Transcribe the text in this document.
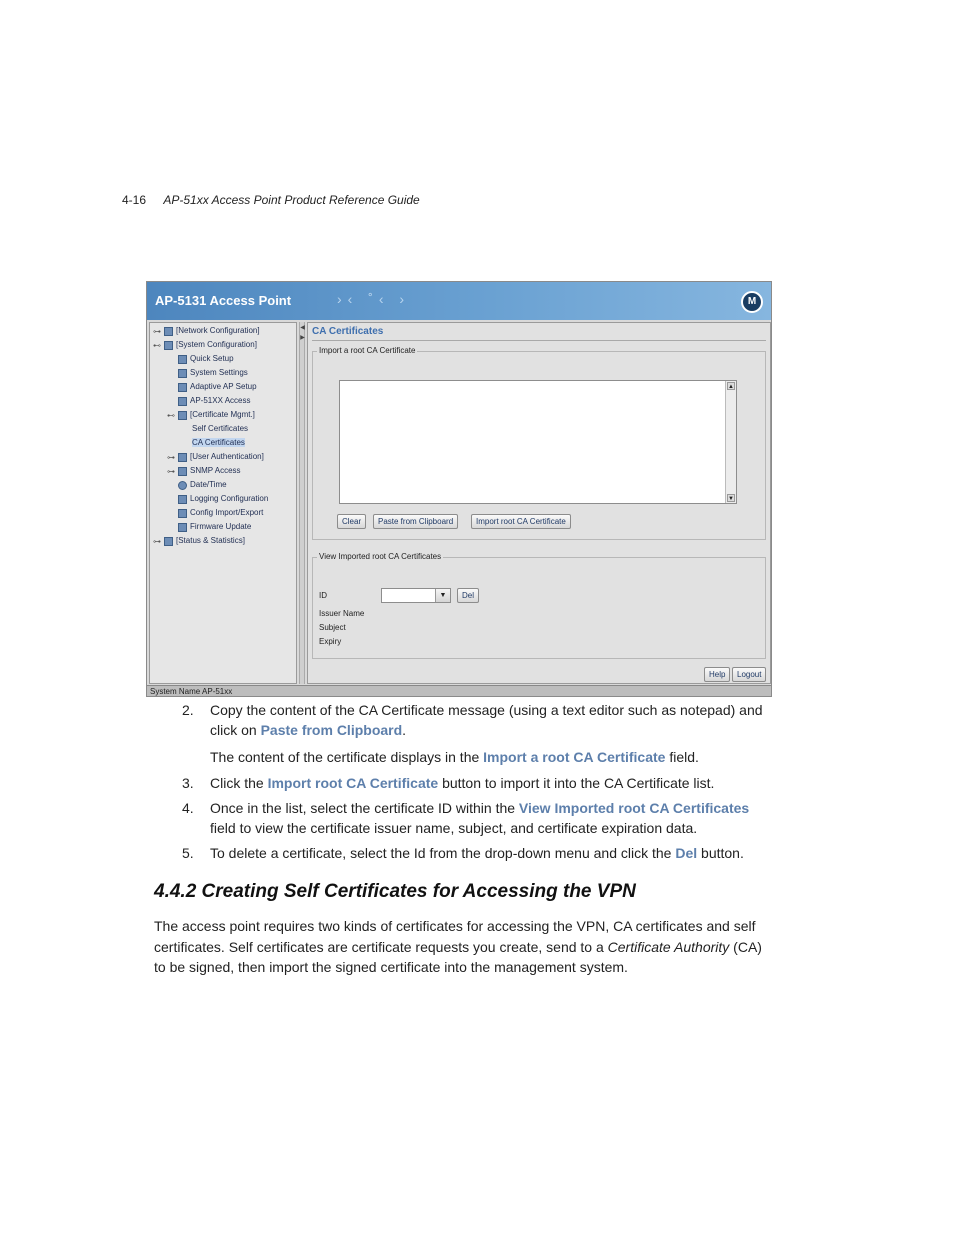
4-16 AP-51xx Access Point Product Reference Guide
AP-5131 Access Point	›‹ ˚‹ ›	M
⊶ [Network Configuration]
⊷ [System Configuration]
Quick Setup
System Settings
Adaptive AP Setup
AP-51XX Access
⊷ [Certificate Mgmt.]
Self Certificates
CA Certificates
⊶ [User Authentication]
⊶ SNMP Access
Date/Time
Logging Configuration
Config Import/Export
Firmware Update
⊶ [Status & Statistics]
◀
▶
CA Certificates
Import a root CA Certificate
▲
▼
Clear	Paste from Clipboard	Import root CA Certificate
View Imported root CA Certificates
ID	▼	Del
Issuer Name
Subject
Expiry
Help	Logout
System Name AP-51xx
2. Copy the content of the CA Certificate message (using a text editor such as notepad) and click on Paste from Clipboard.
The content of the certificate displays in the Import a root CA Certificate field.
3. Click the Import root CA Certificate button to import it into the CA Certificate list.
4. Once in the list, select the certificate ID within the View Imported root CA Certificates field to view the certificate issuer name, subject, and certificate expiration data.
5. To delete a certificate, select the Id from the drop-down menu and click the Del button.
4.4.2 Creating Self Certificates for Accessing the VPN
The access point requires two kinds of certificates for accessing the VPN, CA certificates and self certificates. Self certificates are certificate requests you create, send to a Certificate Authority (CA) to be signed, then import the signed certificate into the management system.
